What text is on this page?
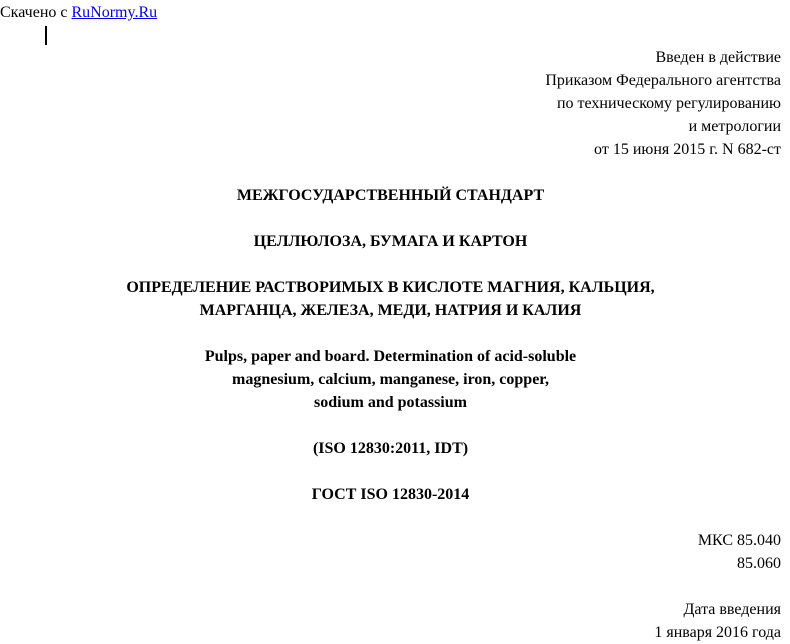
Скачено с RuNormy.Ru
Введен в действие
Приказом Федерального агентства
по техническому регулированию
и метрологии
от 15 июня 2015 г. N 682-ст
МЕЖГОСУДАРСТВЕННЫЙ СТАНДАРТ
ЦЕЛЛЮЛОЗА, БУМАГА И КАРТОН
ОПРЕДЕЛЕНИЕ РАСТВОРИМЫХ В КИСЛОТЕ МАГНИЯ, КАЛЬЦИЯ,
МАРГАНЦА, ЖЕЛЕЗА, МЕДИ, НАТРИЯ И КАЛИЯ
Pulps, paper and board. Determination of acid-soluble
magnesium, calcium, manganese, iron, copper,
sodium and potassium
(ISO 12830:2011, IDT)
ГОСТ ISO 12830-2014
МКС 85.040
85.060
Дата введения
1 января 2016 года
